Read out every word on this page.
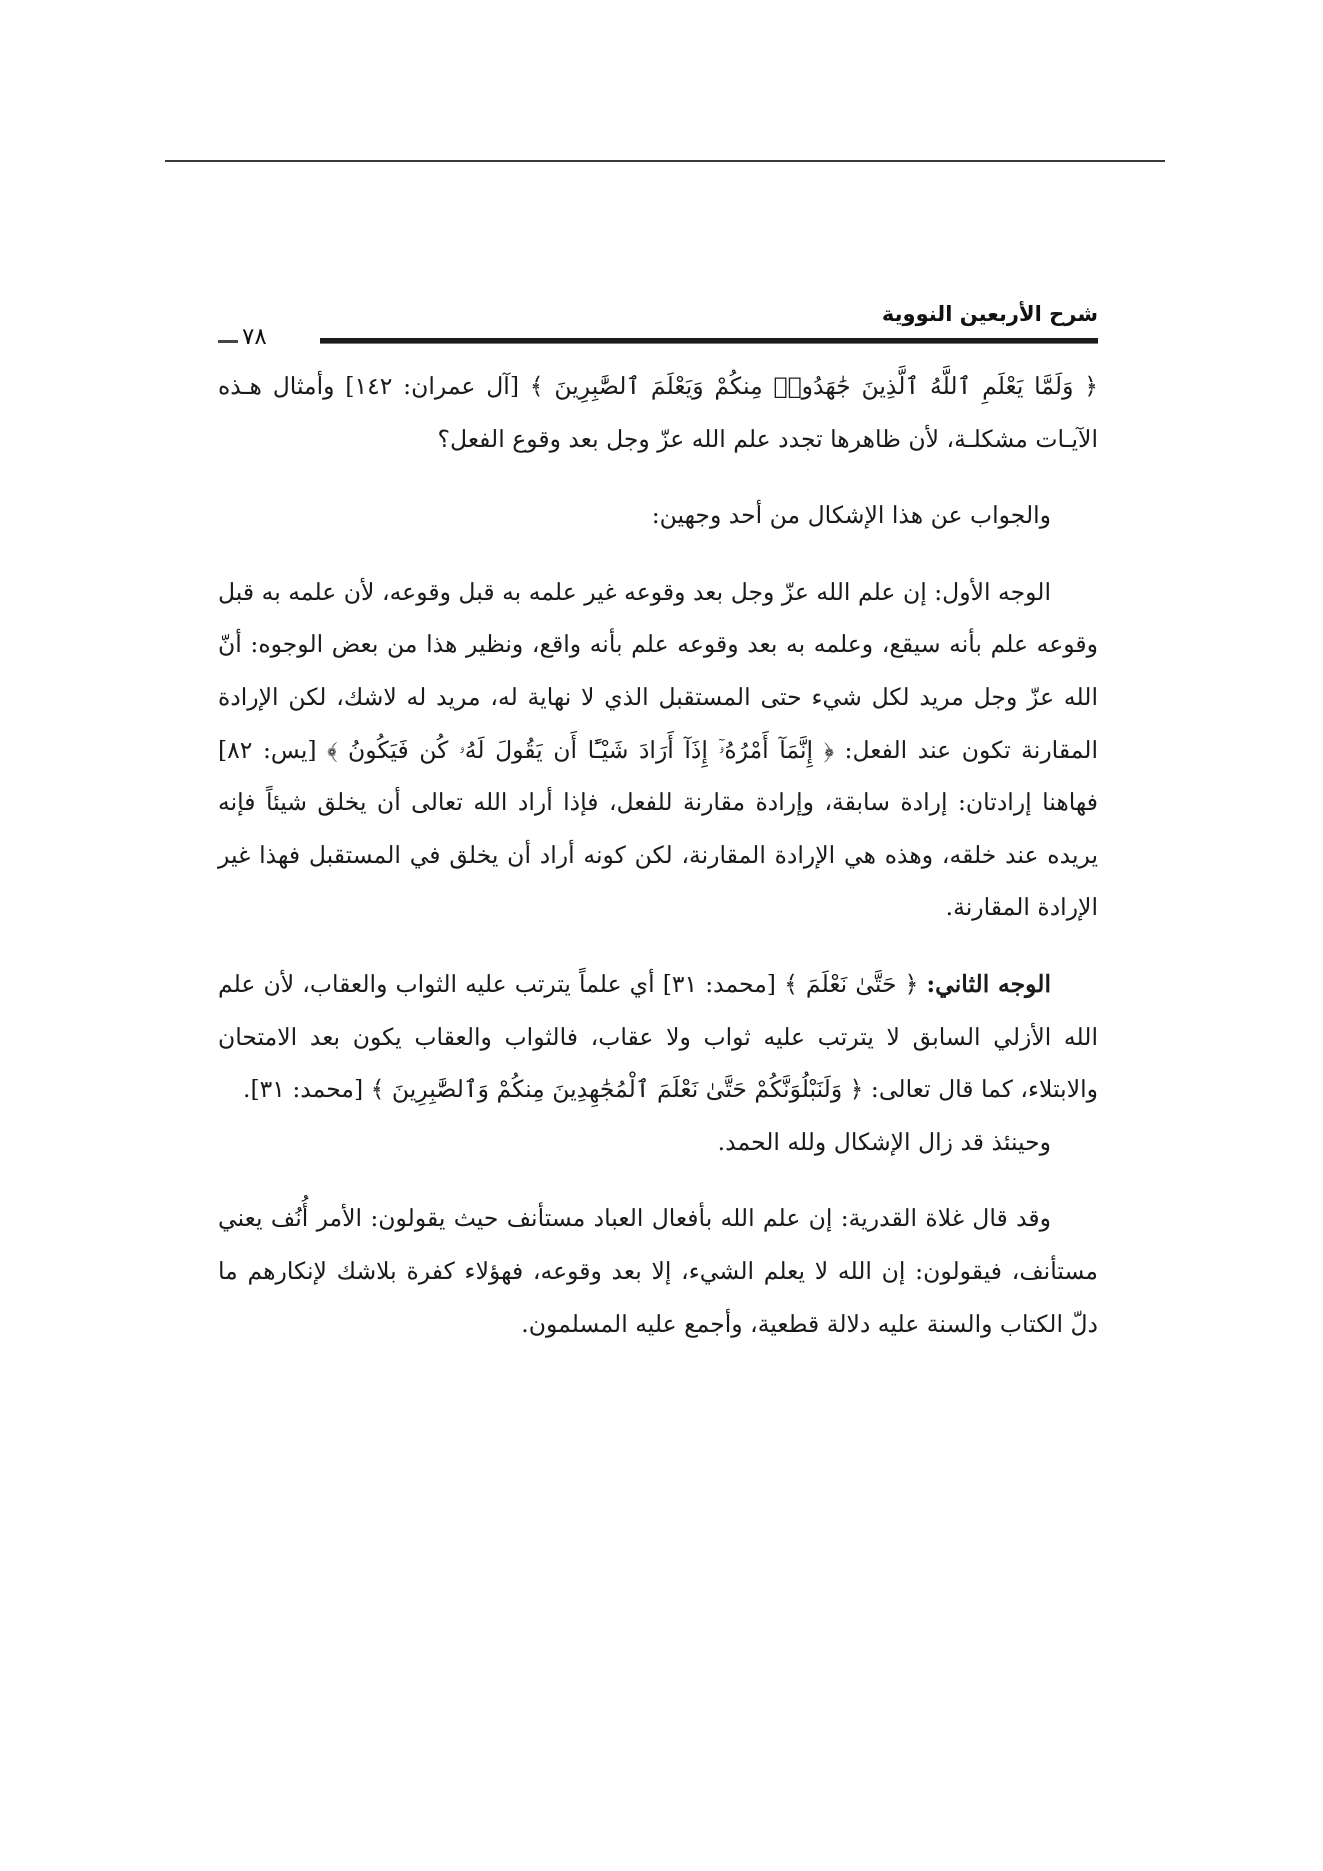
شرح الأربعين النووية
٧٨

﴿ وَلَمَّا يَعْلَمِ ٱللَّهُ ٱلَّذِينَ جَٰهَدُوا۟ مِنكُمْ وَيَعْلَمَ ٱلصَّٰبِرِينَ ﴾ [آل عمران: ١٤٢] وأمثال هـذه الآيـات مشكلـة، لأن ظاهرها تجدد علم الله عزّ وجل بعد وقوع الفعل؟

والجواب عن هذا الإشكال من أحد وجهين:

الوجه الأول: إن علم الله عزّ وجل بعد وقوعه غير علمه به قبل وقوعه، لأن علمه به قبل وقوعه علم بأنه سيقع، وعلمه به بعد وقوعه علم بأنه واقع، ونظير هذا من بعض الوجوه: أنّ الله عزّ وجل مريد لكل شيء حتى المستقبل الذي لا نهاية له، مريد له لاشك، لكن الإرادة المقارنة تكون عند الفعل: ﴿ إِنَّمَآ أَمْرُهُۥٓ إِذَآ أَرَادَ شَيْـًٔا أَن يَقُولَ لَهُۥ كُن فَيَكُونُ ﴾ [يس: ٨٢] فهاهنا إرادتان: إرادة سابقة، وإرادة مقارنة للفعل، فإذا أراد الله تعالى أن يخلق شيئاً فإنه يريده عند خلقه، وهذه هي الإرادة المقارنة، لكن كونه أراد أن يخلق في المستقبل فهذا غير الإرادة المقارنة.

الوجه الثاني: ﴿ حَتَّىٰ نَعْلَمَ ﴾ [محمد: ٣١] أي علماً يترتب عليه الثواب والعقاب، لأن علم الله الأزلي السابق لا يترتب عليه ثواب ولا عقاب، فالثواب والعقاب يكون بعد الامتحان والابتلاء، كما قال تعالى: ﴿ وَلَنَبْلُوَنَّكُمْ حَتَّىٰ نَعْلَمَ ٱلْمُجَٰهِدِينَ مِنكُمْ وَٱلصَّٰبِرِينَ ﴾ [محمد: ٣١].

وحينئذ قد زال الإشكال ولله الحمد.

وقد قال غلاة القدرية: إن علم الله بأفعال العباد مستأنف حيث يقولون: الأمر أُنُف يعني مستأنف، فيقولون: إن الله لا يعلم الشيء، إلا بعد وقوعه، فهؤلاء كفرة بلاشك لإنكارهم ما دلّ الكتاب والسنة عليه دلالة قطعية، وأجمع عليه المسلمون.
